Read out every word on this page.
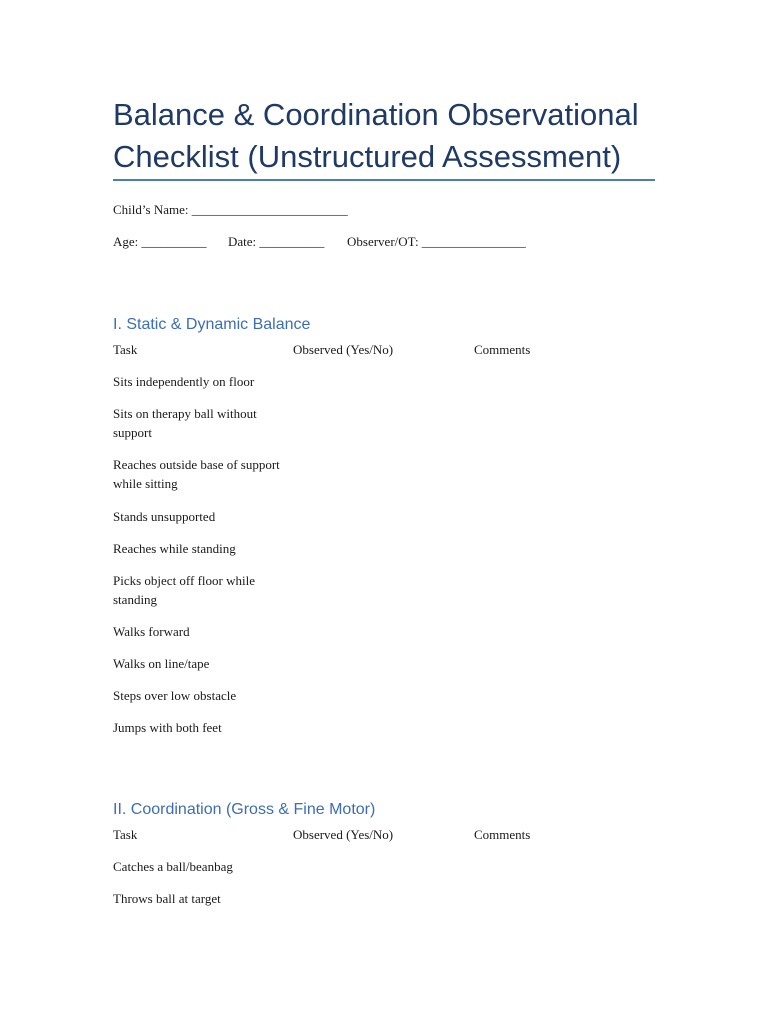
Balance & Coordination Observational Checklist (Unstructured Assessment)
Child’s Name: ________________________
Age: __________ Date: __________ Observer/OT: ________________
I. Static & Dynamic Balance
Task	Observed (Yes/No)	Comments
Sits independently on floor
Sits on therapy ball without support
Reaches outside base of support while sitting
Stands unsupported
Reaches while standing
Picks object off floor while standing
Walks forward
Walks on line/tape
Steps over low obstacle
Jumps with both feet
II. Coordination (Gross & Fine Motor)
Task	Observed (Yes/No)	Comments
Catches a ball/beanbag
Throws ball at target
